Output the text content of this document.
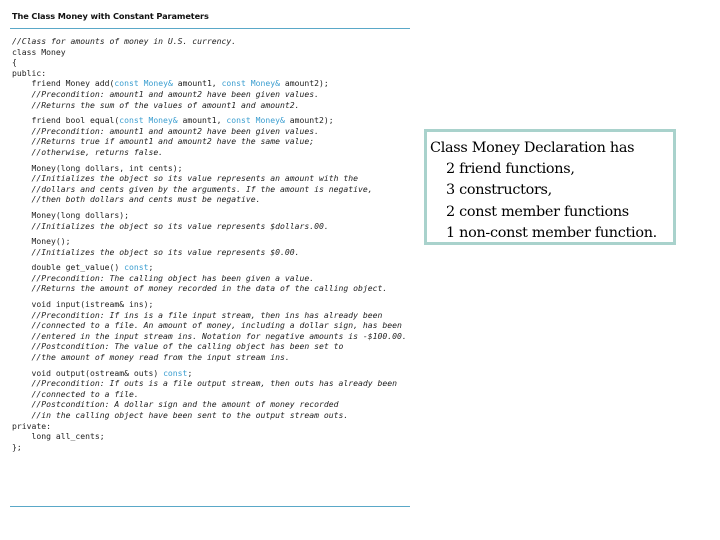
The Class Money with Constant Parameters
//Class for amounts of money in U.S. currency.
class Money
{
public:
friend Money add(const Money& amount1, const Money& amount2);
//Precondition: amount1 and amount2 have been given values.
//Returns the sum of the values of amount1 and amount2.
friend bool equal(const Money& amount1, const Money& amount2);
//Precondition: amount1 and amount2 have been given values.
//Returns true if amount1 and amount2 have the same value;
//otherwise, returns false.
Money(long dollars, int cents);
//Initializes the object so its value represents an amount with the
//dollars and cents given by the arguments. If the amount is negative,
//then both dollars and cents must be negative.
Money(long dollars);
//Initializes the object so its value represents $dollars.00.
Money();
//Initializes the object so its value represents $0.00.
double get_value() const;
//Precondition: The calling object has been given a value.
//Returns the amount of money recorded in the data of the calling object.
void input(istream& ins);
//Precondition: If ins is a file input stream, then ins has already been
//connected to a file. An amount of money, including a dollar sign, has been
//entered in the input stream ins. Notation for negative amounts is -$100.00.
//Postcondition: The value of the calling object has been set to
//the amount of money read from the input stream ins.
void output(ostream& outs) const;
//Precondition: If outs is a file output stream, then outs has already been
//connected to a file.
//Postcondition: A dollar sign and the amount of money recorded
//in the calling object have been sent to the output stream outs.
private:
long all_cents;
};
Class Money Declaration has
2 friend functions,
3 constructors,
2 const member functions
1 non-const member function.
